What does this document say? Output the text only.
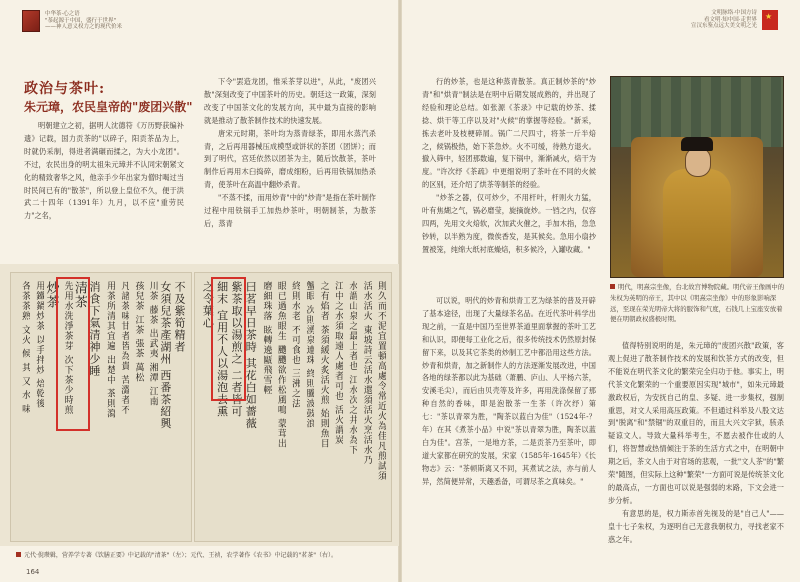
中华茶·心之语
"茶起源于中国，盛行于世界"
——神人意义权力之的现代价米
文明脉络·中国方诗
看文明·知中国·走世界
宣汉东鉴点远大美文明之光
★
政治与茶叶:
朱元璋，农民皇帝的"废团兴散"

明朝建立之初，据明人沈德符《万历野获编补遗》记载，国力贡茶的"以碎子，阳贡茶品为上，时就仍采制，得进者满碾而揉之，为大小龙团"。不过，农民出身的明太祖朱元璋并不认同宋朝紧文化的精致奢华之风，他亲手少年出家为僧时喝过当时民间已有的"散茶"，所以登上皇位不久，便于洪武二十四年（1391年）九月，以不应"重劳民力"之名，

下令"罢造龙团，惟采茶芽以进"，从此，"废团兴散"深刻改变了中国茶叶的历史。朝廷这一政策，深刻改变了中国茶文化的发展方向，其中最为直接的影响就是推动了散茶制作技术的快速发展。

唐宋元时期，茶叶均为蒸青绿茶，即用水蒸汽杀青，之后再用器械压成模型或饼状的茶团（团饼）；而到了明代，宫廷依然以团茶为主，随后饮散茶，茶叶制作后再用木臼捣碎，磨成细粉，后再用铁锅加热杀青，使茶叶在高温中翻炒杀青。

"不蒸不揉，而用炒青"中的"炒青"是指在茶叶制作过程中用铁锅手工加热炒茶叶，明朝制茶，为散茶后，蒸青

不及紫筍精者
女須兒茶產湖州 西番茶紹興
川茶 藤茶 出武夷 湘潭 江南
孩兒茶 江茶 張茶 萬松
凡諸茶味甘者皆為貴 苦澀者不
用茶所清其宜遍 出楚中 茶則瀉
消食下氣清神少睡
清茶
先用水洗淨茶芽 次下茶少時煎
炒茶
用鐵鍋炒茶 以手拌炒 焙乾後
各茶茶熟 文火 候 其 又 水 味	則久而不泥宜置頓高處令常近火為佳凡煎試須
活水活火 東坡詩云活水還須活火烹活水乃
水謂山泉之最上者也 江水次之井水為下
江中之水須取遠人處者可也 活火謂炭
之有焰者 茶須緩火炙活火煎 始則魚目
蟹眼 次則湧泉連珠 終則騰波鼓浪
終則水老 不可食也 三沸之法
眼已過魚眼生 颼颼欲作松風鳴 蒙茸出
磨細珠落 眩轉遶甌飛雪輕
曰茗早日茶時 其花白如薔薇
紫茶取以湯煎之 二者皆可
細末 宜用不人以湯泡去熏
之令葉心
元代·倪瓒辑，营养学专著《饮膳正要》中记载的"清茶"（左）；元代、王祯，农学著作《农书》中记载的"茗茶"（右）。
164

行的炒茶，也是这种蒸青散茶。真正制炒茶的"炒青"和"烘青"制法是在明中后期发展成熟的，并出现了经验和理论总结。如张源《茶录》中记载的炒茶、揉捻、烘干等工序以及对"火候"的掌握等经验。"新采，拣去老叶及枝梗碎屑。锅广二尺四寸，将茶一斤半焙之，候锅极热，始下茶急炒。火不可缓，待熟方退火。撤入筛中，轻团那数遍，复下锅中，渐渐减火，焙干为度。"许次纾《茶疏》中更细说明了茶叶在不同的火候的区别，还介绍了烘茶等制茶的经验。

"炒茶之器，仅可炒少，不用杆叶，杆则火力猛，叶有焦煳之气，锅必磨莹，旋摘旋炒。一铛之内，仅容四两，先用文火焙软，次加武火催之，手加木指，急急钞转，以半熟为度，微俟香发，是其候矣。急用小扇抄置被笼，纯绵大纸衬底燥焙，积多候冷，入罐收藏。"

明代，明熹宗坐像，台北故宫博物院藏。明代帝王像画中的朱权为英明的帝王，其中以《明熹宗坐像》中的形象影响深远，至现在荣光明帝大将的服饰和气度，石钱几上宝座安放着便在明朝政权盛极时期。

可以说，明代的炒青和烘青工艺为绿茶的普及开辟了基本途径，出现了大量绿茶名品。在近代茶叶科学出现之前，一直是中国乃至世界茶道里面掌握的茶叶工艺和认识，即便每工业化之后，很多传统技术仍然原封保留下来，以及其它茶类的炒制工艺中都沿用这些方法。炒青和烘青，加之新制作人的方法逐渐发展改进，中国各地的绿茶都以此为基础（萧鹏、庐山、人平杨六茶，安溪毛尖），而后由贝壳等及许多，再用洗涤保留了那种自然的香味，即是泡散茶一生茶（许次纾）第七："茶以青翠为胜，"陶茶以蓝白为佳"（1524年-？年）在其《煮茶小品》中说"茶以青翠为胜，陶茶以蓝白为佳"。宫茶，一是地方茶，二是贡茶乃至茶叶，即道大家都在研究的发展，宋家（1585年-1645年）《长物志》云："茶顿斯离又不同，其煮试之法，亦与前人异，然简便异常，天趣悉备，可谓尽茶之真味矣。"

值得特别说明的是，朱元璋的"废团兴散"政策，客观上促进了散茶制作技术的发展和饮茶方式的改变，但不能说在明代茶文化的繁荣完全归功于他。事实上，明代茶文化繁荣的一个重要原因实现"城市"，如朱元璋最激政权后，为安抚自己的皇、多疑、进一步集权，强制重思，对文人采用高压政策。不但通过科举及八股文达到"脱离"和"禁锢"的双重目的，而且大兴文字狱，骇杀疑谅文人。导致大量科举考生，不愿去被作仕或的人们，将智慧或热情倾注于茶的生活方式之中，在明朝中期之后，茶文人由于对官场的悲观，一批"文人茶"的"繁荣"随图，但实际上这种"繁荣"一方面可说是传统茶文化的最高点，一方面也可以说是强弱的末路，下文会进一步分析。

有意思的是，权力斯赤首先视及的是"自己人"——皇十七子朱权，为逐明自己无意我朝权力，寻找老家不惑之年。
